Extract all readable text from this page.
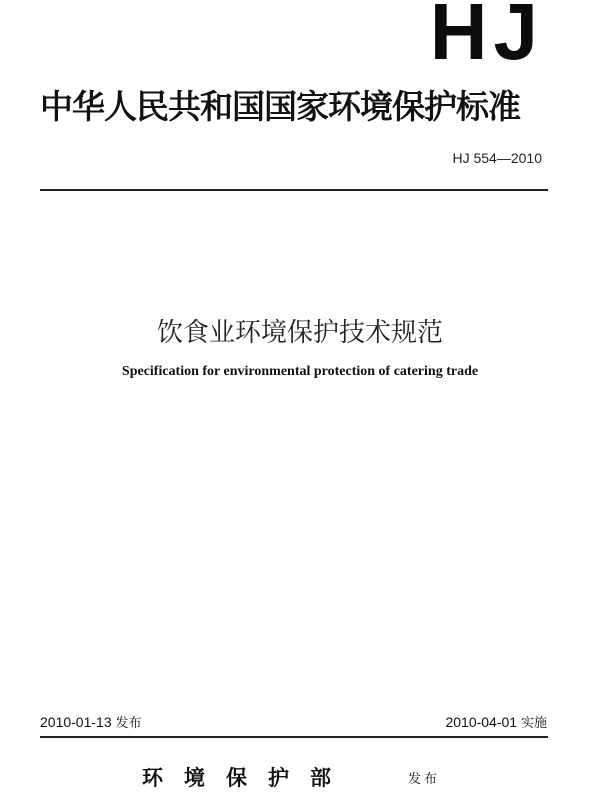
HJ
中华人民共和国国家环境保护标准
HJ 554—2010
饮食业环境保护技术规范
Specification for environmental protection of catering trade
2010-01-13 发布	2010-04-01 实施
环境保护部	发布
